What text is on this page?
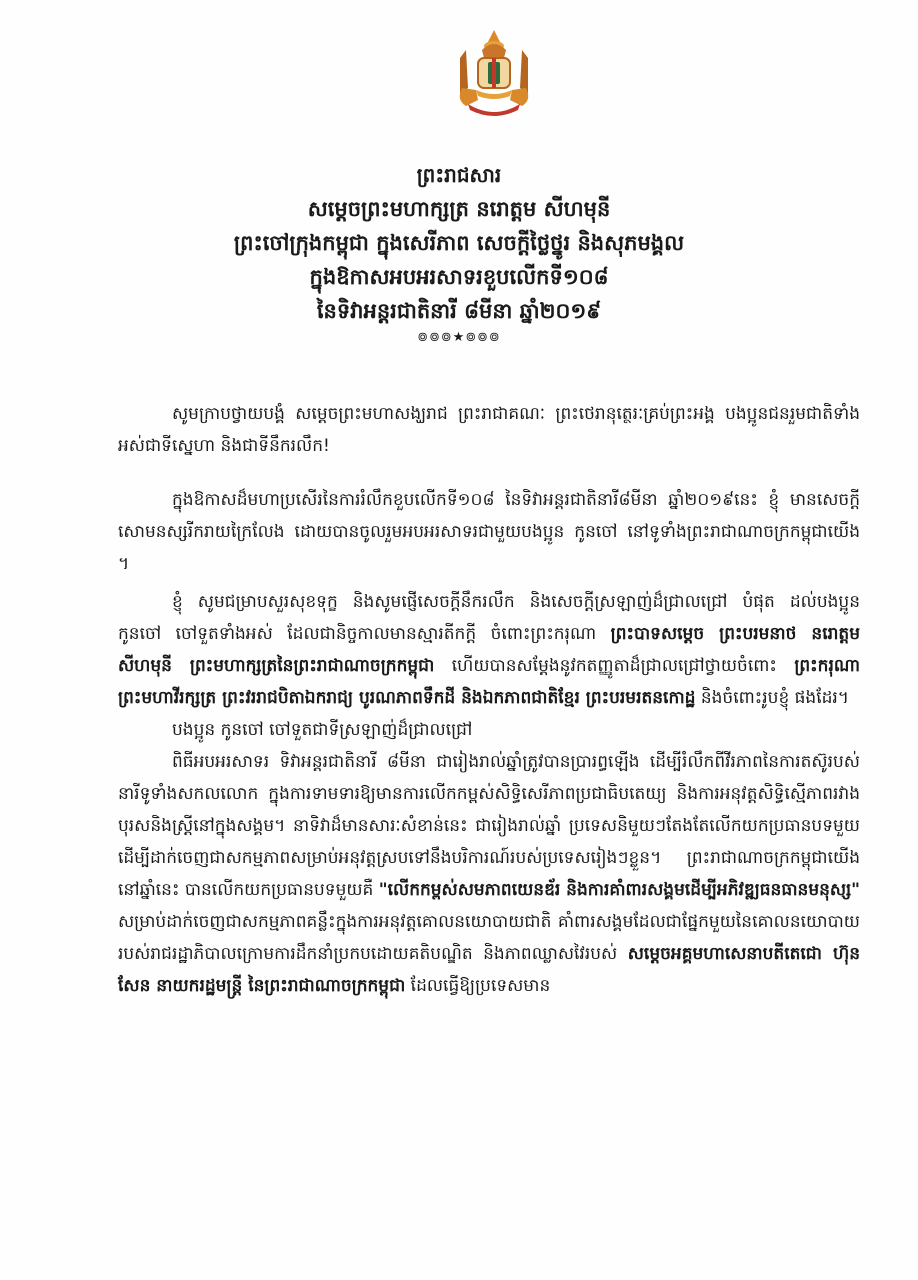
ព្រះរាជសារ
សម្តេចព្រះមហាក្សត្រ នរោត្តម សីហមុនី
ព្រះចៅក្រុងកម្ពុជា ក្នុងសេរីភាព សេចក្តីថ្លៃថ្នូរ និងសុភមង្គល
ក្នុងឱកាសអបអរសាទរខួបលើកទី១០៨
នៃទិវាអន្តរជាតិនារី ៨មីនា ឆ្នាំ២០១៩
៙៙៙★៙៙៙

សូមក្រាបថ្វាយបង្គំ សម្តេចព្រះមហាសង្ឃរាជ ព្រះរាជាគណៈ ព្រះថេរានុត្ថេរៈគ្រប់ព្រះអង្គ បងប្អូនជនរួមជាតិទាំងអស់ជាទីស្នេហា និងជាទីនឹករលឹក!

ក្នុងឱកាសដ៏មហាប្រសើរនៃការរំលឹកខួបលើកទី១០៨ នៃទិវាអន្តរជាតិនារី៨មីនា ឆ្នាំ២០១៩នេះ ខ្ញុំ មានសេចក្តីសោមនស្សរីករាយក្រៃលែង ដោយបានចូលរួមអបអរសាទរជាមួយបងប្អូន កូនចៅ នៅទូទាំងព្រះរាជាណាចក្រកម្ពុជាយើង ។

ខ្ញុំ សូមជម្រាបសួរសុខទុក្ខ និងសូមផ្ញើសេចក្តីនឹករលឹក និងសេចក្តីស្រឡាញ់ដ៏ជ្រាលជ្រៅ បំផុត ដល់បងប្អូន កូនចៅ ចៅទួតទាំងអស់ ដែលជានិច្ចកាលមានស្មារតីកក្តី ចំពោះព្រះករុណា ព្រះបាទសម្តេច ព្រះបរមនាថ នរោត្តម សីហមុនី ព្រះមហាក្សត្រនៃព្រះរាជាណាចក្រកម្ពុជា ហើយបានសម្តែងនូវកតញ្ញូតាដ៏ជ្រាលជ្រៅថ្វាយចំពោះ ព្រះករុណា ព្រះមហាវីរក្សត្រ ព្រះវររាជបិតាឯករាជ្យ បូរណភាពទឹកដី និងឯកភាពជាតិខ្មែរ ព្រះបរមរតនកោដ្ឋ និងចំពោះរូបខ្ញុំ ផងដែរ។

បងប្អូន កូនចៅ ចៅទួតជាទីស្រឡាញ់ដ៏ជ្រាលជ្រៅ

ពិធីអបអរសាទរ ទិវាអន្តរជាតិនារី ៨មីនា ជារៀងរាល់ឆ្នាំត្រូវបានប្រារព្ធឡើង ដើម្បីរំលឹកពីវីរភាពនៃការតស៊ូរបស់នារីទូទាំងសកលលោក ក្នុងការទាមទារឱ្យមានការលើកកម្ពស់សិទ្ធិសេរីភាពប្រជាធិបតេយ្យ និងការអនុវត្តសិទ្ធិស្មើភាពរវាងបុរសនិងស្ត្រីនៅក្នុងសង្គម។ នាទិវាដ៏មានសារៈសំខាន់នេះ ជារៀងរាល់ឆ្នាំ ប្រទេសនិមួយៗតែងតែលើកយកប្រធានបទមួយ ដើម្បីដាក់ចេញជាសកម្មភាពសម្រាប់អនុវត្តស្របទៅនឹងបរិការណ៍របស់ប្រទេសរៀងៗខ្លួន។ ព្រះរាជាណាចក្រកម្ពុជាយើងនៅឆ្នាំនេះ បានលើកយកប្រធានបទមួយគឺ "លើកកម្ពស់សមភាពយេនឌ័រ និងការគាំពារសង្គមដើម្បីអភិវឌ្ឍធនធានមនុស្ស" សម្រាប់ដាក់ចេញជាសកម្មភាពគន្លឹះក្នុងការអនុវត្តគោលនយោបាយជាតិ គាំពារសង្គមដែលជាផ្នែកមួយនៃគោលនយោបាយរបស់រាជរដ្ឋាភិបាលក្រោមការដឹកនាំប្រកបដោយគតិបណ្ឌិត និងភាពឈ្លាសវៃរបស់ សម្តេចអគ្គមហាសេនាបតីតេជោ ហ៊ុន សែន នាយករដ្ឋមន្ត្រី នៃព្រះរាជាណាចក្រកម្ពុជា ដែលធ្វើឱ្យប្រទេសមាន
